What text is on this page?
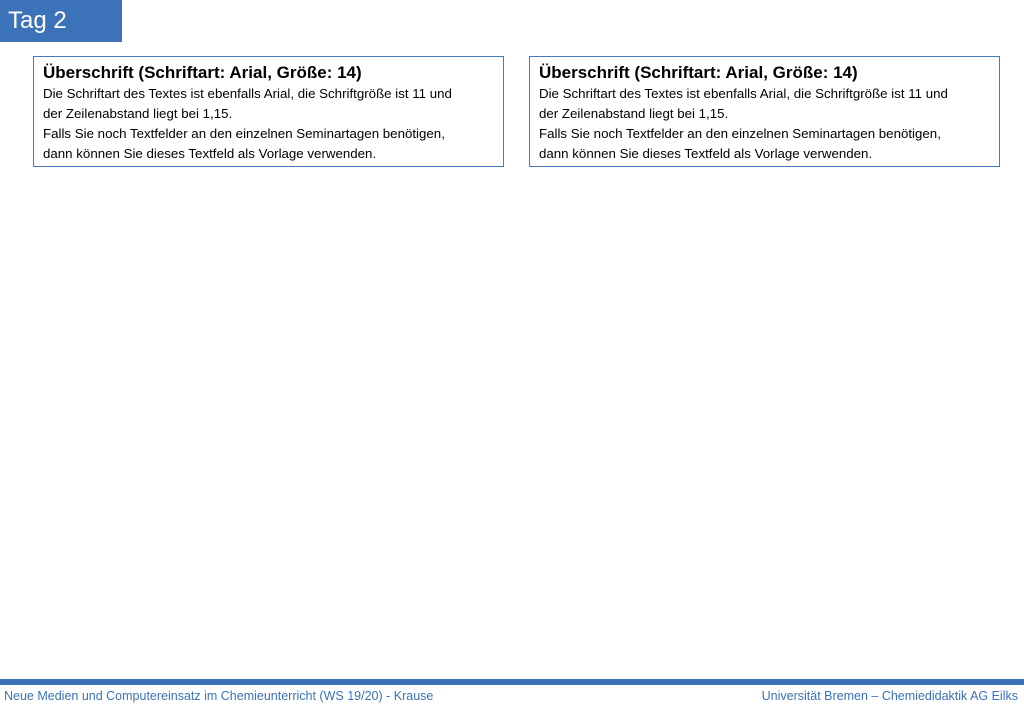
Tag 2

Überschrift (Schriftart: Arial, Größe: 14)

Die Schriftart des Textes ist ebenfalls Arial, die Schriftgröße ist 11 und

der Zeilenabstand liegt bei 1,15.

Falls Sie noch Textfelder an den einzelnen Seminartagen benötigen,

dann können Sie dieses Textfeld als Vorlage verwenden.

Überschrift (Schriftart: Arial, Größe: 14)

Die Schriftart des Textes ist ebenfalls Arial, die Schriftgröße ist 11 und

der Zeilenabstand liegt bei 1,15.

Falls Sie noch Textfelder an den einzelnen Seminartagen benötigen,

dann können Sie dieses Textfeld als Vorlage verwenden.

Neue Medien und Computereinsatz im Chemieunterricht (WS 19/20) - Krause	Universität Bremen – Chemiedidaktik AG Eilks
